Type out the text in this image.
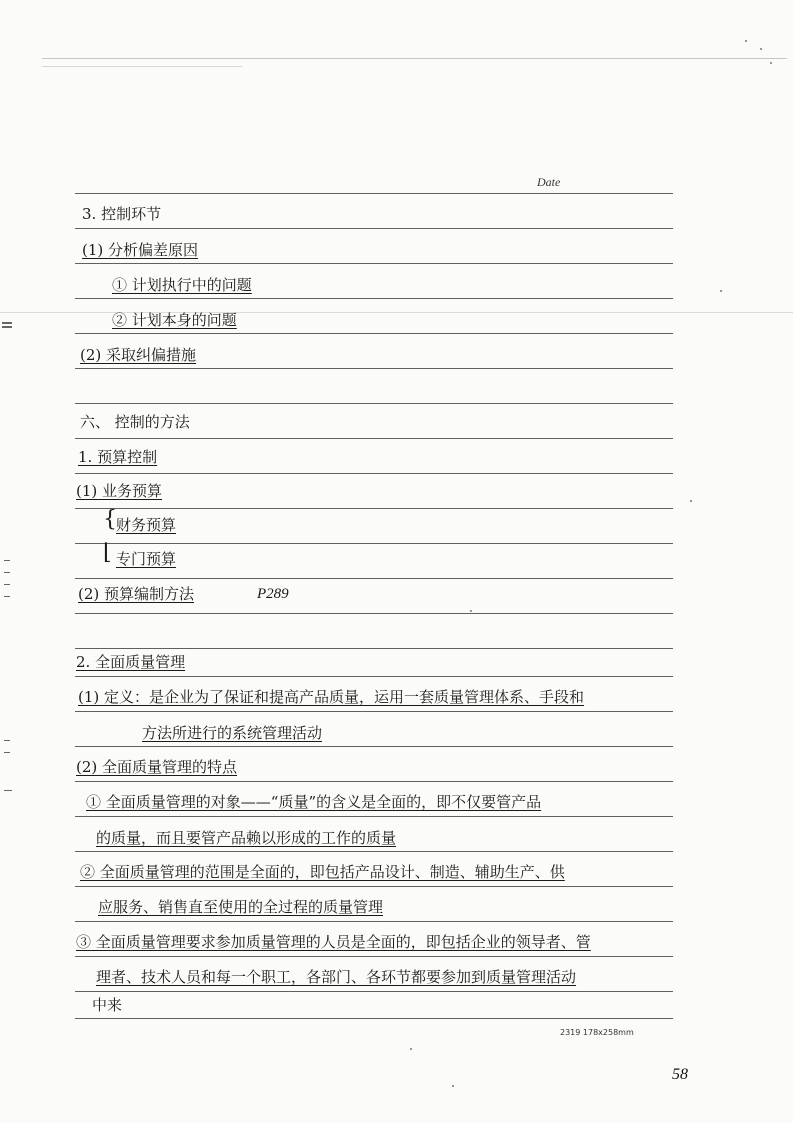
Date
3. 控制环节
(1) 分析偏差原因
① 计划执行中的问题
② 计划本身的问题
(2) 采取纠偏措施
六、 控制的方法
1. 预算控制
(1) 业务预算
{ 财务预算
⌊ 专门预算
(2) 预算编制方法	P289
2. 全面质量管理
(1) 定义：是企业为了保证和提高产品质量，运用一套质量管理体系、手段和
方法所进行的系统管理活动
(2) 全面质量管理的特点
① 全面质量管理的对象——“质量”的含义是全面的，即不仅要管产品
的质量，而且要管产品赖以形成的工作的质量
② 全面质量管理的范围是全面的，即包括产品设计、制造、辅助生产、供
应服务、销售直至使用的全过程的质量管理
③ 全面质量管理要求参加质量管理的人员是全面的，即包括企业的领导者、管
理者、技术人员和每一个职工，各部门、各环节都要参加到质量管理活动
中来
2319 178x258mm
58
